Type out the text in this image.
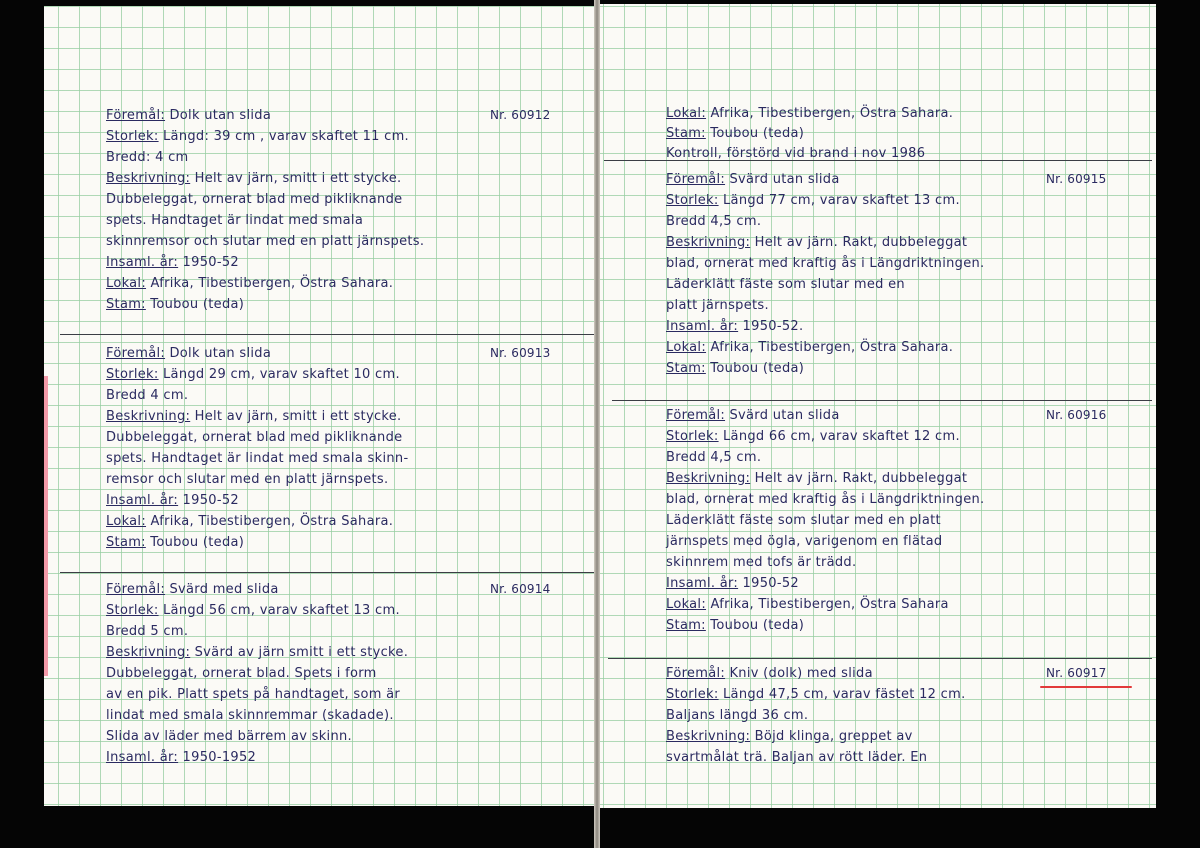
Nr. 60912
Föremål: Dolk utan slida
Storlek: Längd: 39 cm , varav skaftet 11 cm.
Bredd: 4 cm
Beskrivning: Helt av järn, smitt i ett stycke.
Dubbeleggat, ornerat blad med pikliknande
spets. Handtaget är lindat med smala
skinnremsor och slutar med en platt järnspets.
Insaml. år: 1950-52
Lokal: Afrika, Tibestibergen, Östra Sahara.
Stam: Toubou (teda)
Nr. 60913
Föremål: Dolk utan slida
Storlek: Längd 29 cm, varav skaftet 10 cm.
Bredd 4 cm.
Beskrivning: Helt av järn, smitt i ett stycke.
Dubbeleggat, ornerat blad med pikliknande
spets. Handtaget är lindat med smala skinn-
remsor och slutar med en platt järnspets.
Insaml. år: 1950-52
Lokal: Afrika, Tibestibergen, Östra Sahara.
Stam: Toubou (teda)
Nr. 60914
Föremål: Svärd med slida
Storlek: Längd 56 cm, varav skaftet 13 cm.
Bredd 5 cm.
Beskrivning: Svärd av järn smitt i ett stycke.
Dubbeleggat, ornerat blad. Spets i form
av en pik. Platt spets på handtaget, som är
lindat med smala skinnremmar (skadade).
Slida av läder med bärrem av skinn.
Insaml. år: 1950-1952
Lokal: Afrika, Tibestibergen, Östra Sahara.
Stam: Toubou (teda)
Kontroll, förstörd vid brand i nov 1986
Nr. 60915
Föremål: Svärd utan slida
Storlek: Längd 77 cm, varav skaftet 13 cm.
Bredd 4,5 cm.
Beskrivning: Helt av järn. Rakt, dubbeleggat
blad, ornerat med kraftig ås i Längdriktningen.
Läderklätt fäste som slutar med en
platt järnspets.
Insaml. år: 1950-52.
Lokal: Afrika, Tibestibergen, Östra Sahara.
Stam: Toubou (teda)
Nr. 60916
Föremål: Svärd utan slida
Storlek: Längd 66 cm, varav skaftet 12 cm.
Bredd 4,5 cm.
Beskrivning: Helt av järn. Rakt, dubbeleggat
blad, ornerat med kraftig ås i Längdriktningen.
Läderklätt fäste som slutar med en platt
järnspets med ögla, varigenom en flätad
skinnrem med tofs är trädd.
Insaml. år: 1950-52
Lokal: Afrika, Tibestibergen, Östra Sahara
Stam: Toubou (teda)
Nr. 60917
Föremål: Kniv (dolk) med slida
Storlek: Längd 47,5 cm, varav fästet 12 cm.
Baljans längd 36 cm.
Beskrivning: Böjd klinga, greppet av
svartmålat trä. Baljan av rött läder. En
